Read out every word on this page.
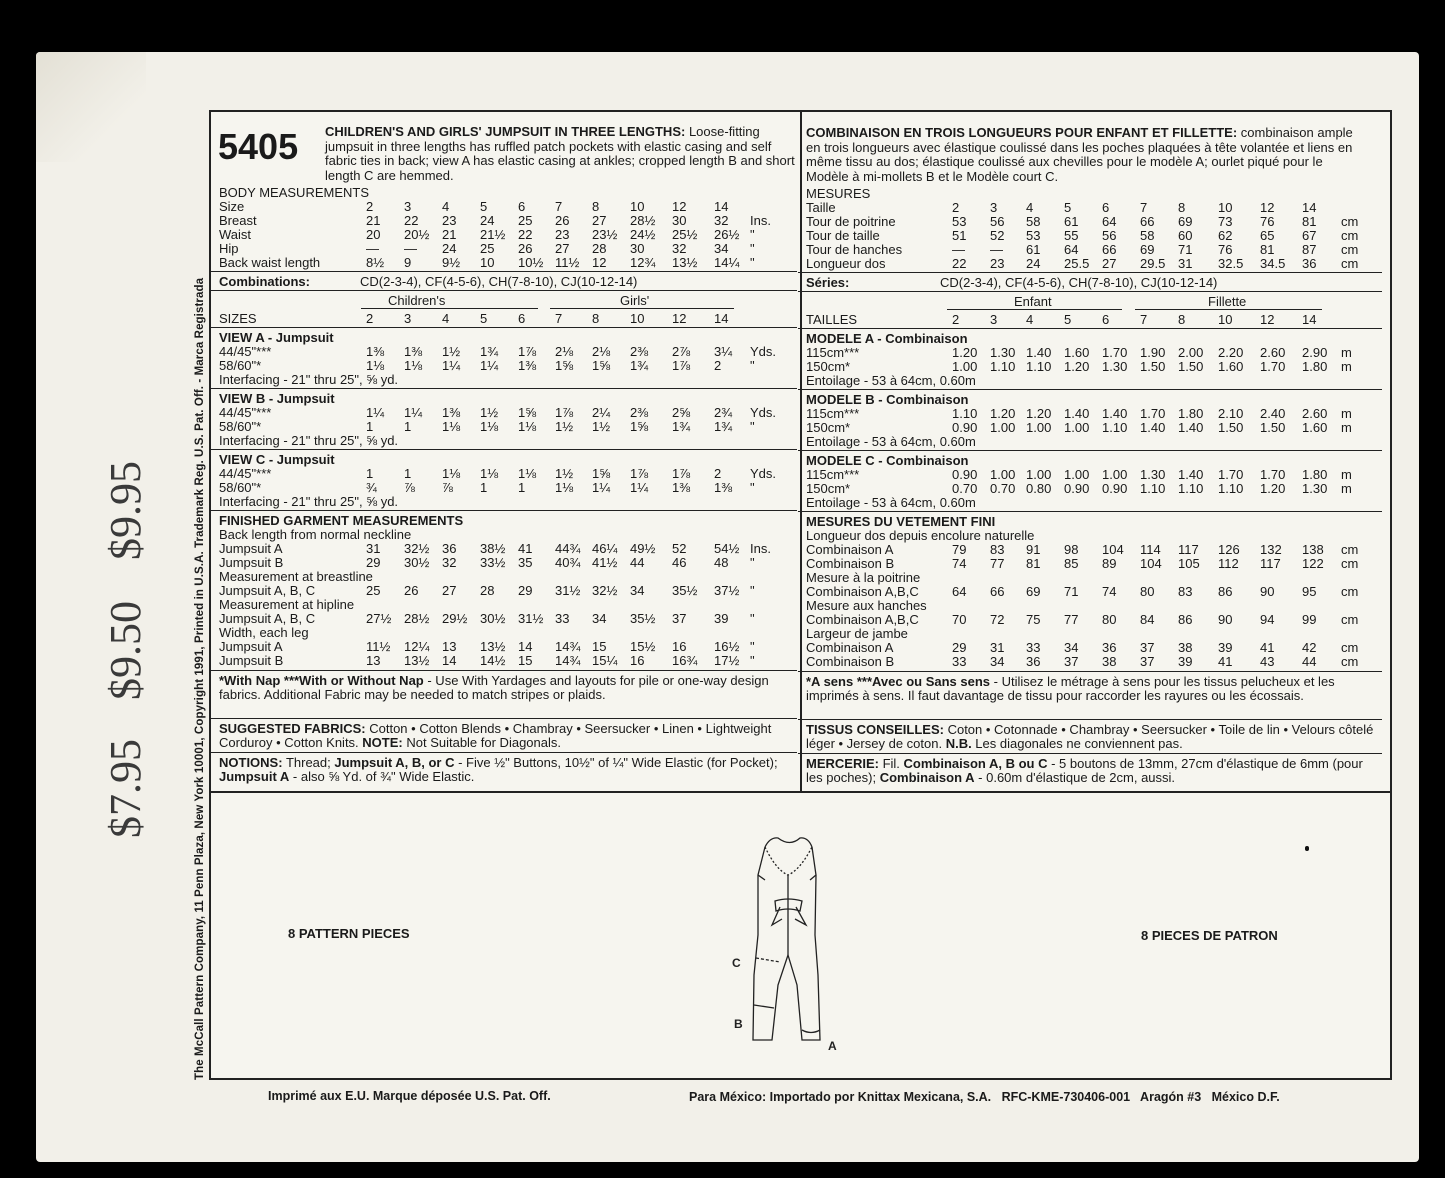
$7.95
$9.50
$9.95	The McCall Pattern Company, 11 Penn Plaza, New York 10001, Copyright 1991, Printed in U.S.A. Trademark Reg. U.S. Pat. Off. - Marca Registrada
5405 CHILDREN'S AND GIRLS' JUMPSUIT IN THREE LENGTHS: Loose-fitting jumpsuit in three lengths has ruffled patch pockets with elastic casing and self fabric ties in back; view A has elastic casing at ankles; cropped length B and short length C are hemmed.
BODY MEASUREMENTS
Size	2 3 4 5 6 7 8 10 12 14
Breast	21 22 23 24 25 26 27 28½ 30 32 Ins.
Waist	20 20½ 21 21½ 22 23 23½ 24½ 25½ 26½ "
Hip	— — 24 25 26 27 28 30 32 34 "
Back waist length	8½ 9 9½ 10 10½ 11½ 12 12¾ 13½ 14¼ "
Combinations:	CD(2-3-4), CF(4-5-6), CH(7-8-10), CJ(10-12-14)
Children's	Girls'
SIZES	2 3 4 5 6 7 8 10 12 14
VIEW A - Jumpsuit
44/45"***	1⅜ 1⅜ 1½ 1¾ 1⅞ 2⅛ 2⅛ 2⅜ 2⅞ 3¼ Yds.
58/60"*	1⅛ 1⅛ 1¼ 1¼ 1⅜ 1⅝ 1⅝ 1¾ 1⅞ 2 "
Interfacing - 21" thru 25", ⅝ yd.
VIEW B - Jumpsuit
44/45"***	1¼ 1¼ 1⅜ 1½ 1⅝ 1⅞ 2¼ 2⅜ 2⅝ 2¾ Yds.
58/60"*	1 1 1⅛ 1⅛ 1⅛ 1½ 1½ 1⅝ 1¾ 1¾ "
Interfacing - 21" thru 25", ⅝ yd.
VIEW C - Jumpsuit
44/45"***	1 1 1⅛ 1⅛ 1⅛ 1½ 1⅝ 1⅞ 1⅞ 2 Yds.
58/60"*	¾ ⅞ ⅞ 1 1 1⅛ 1¼ 1¼ 1⅜ 1⅜ "
Interfacing - 21" thru 25", ⅝ yd.
FINISHED GARMENT MEASUREMENTS
Back length from normal neckline
Jumpsuit A	31 32½ 36 38½ 41 44¾ 46¼ 49½ 52 54½ Ins.
Jumpsuit B	29 30½ 32 33½ 35 40¾ 41½ 44 46 48 "
Measurement at breastline
Jumpsuit A, B, C	25 26 27 28 29 31½ 32½ 34 35½ 37½ "
Measurement at hipline
Jumpsuit A, B, C	27½ 28½ 29½ 30½ 31½ 33 34 35½ 37 39 "
Width, each leg
Jumpsuit A	11½ 12¼ 13 13½ 14 14¾ 15 15½ 16 16½ "
Jumpsuit B	13 13½ 14 14½ 15 14¾ 15¼ 16 16¾ 17½ "
*With Nap ***With or Without Nap - Use With Yardages and layouts for pile or one-way design fabrics. Additional Fabric may be needed to match stripes or plaids.
SUGGESTED FABRICS: Cotton • Cotton Blends • Chambray • Seersucker • Linen • Lightweight Corduroy • Cotton Knits. NOTE: Not Suitable for Diagonals.
NOTIONS: Thread; Jumpsuit A, B, or C - Five ½" Buttons, 10½" of ¼" Wide Elastic (for Pocket); Jumpsuit A - also ⅝ Yd. of ¾" Wide Elastic.
COMBINAISON EN TROIS LONGUEURS POUR ENFANT ET FILLETTE: combinaison ample en trois longueurs avec élastique coulissé dans les poches plaquées à tête volantée et liens en même tissu au dos; élastique coulissé aux chevilles pour le modèle A; ourlet piqué pour le Modèle à mi-mollets B et le Modèle court C.
MESURES
Taille	2 3 4 5 6 7 8	10 12 14
Tour de poitrine	53 56 58 61 64 66 69 73 76 81 cm
Tour de taille	51 52 53 55 56 58 60 62 65 67 cm
Tour de hanches	— — 61 64 66 69 71 76 81 87 cm
Longueur dos	22 23 24 25.5 27 29.5 31 32.5 34.5 36 cm
Séries:	CD(2-3-4), CF(4-5-6), CH(7-8-10), CJ(10-12-14)
Enfant	Fillette
TAILLES	2 3 4 5 6 7 8	10 12 14
MODELE A - Combinaison
115cm***	1.20 1.30 1.40 1.60 1.70 1.90 2.00 2.20 2.60 2.90 m
150cm*	1.00 1.10 1.10 1.20 1.30 1.50 1.50 1.60 1.70 1.80 m
Entoilage - 53 à 64cm, 0.60m
MODELE B - Combinaison
115cm***	1.10 1.20 1.20 1.40 1.40 1.70 1.80 2.10 2.40 2.60 m
150cm*	0.90 1.00 1.00 1.00 1.10 1.40 1.40 1.50 1.50 1.60 m
Entoilage - 53 à 64cm, 0.60m
MODELE C - Combinaison
115cm***	0.90 1.00 1.00 1.00 1.00 1.30 1.40 1.70 1.70 1.80 m
150cm*	0.70 0.70 0.80 0.90 0.90 1.10 1.10 1.10 1.20 1.30 m
Entoilage - 53 à 64cm, 0.60m
MESURES DU VETEMENT FINI
Longueur dos depuis encolure naturelle
Combinaison A	79 83 91 98 104 114 117 126 132 138 cm
Combinaison B	74 77 81 85 89 104 105 112 117 122 cm
Mesure à la poitrine
Combinaison A,B,C	64 66 69 71 74 80 83 86 90 95 cm
Mesure aux hanches
Combinaison A,B,C	70 72 75 77 80 84 86 90 94 99 cm
Largeur de jambe
Combinaison A	29 31 33 34 36 37 38 39 41 42 cm
Combinaison B	33 34 36 37 38 37 39 41 43 44 cm
*A sens ***Avec ou Sans sens - Utilisez le métrage à sens pour les tissus pelucheux et les imprimés à sens. Il faut davantage de tissu pour raccorder les rayures ou les écossais.
TISSUS CONSEILLES: Coton • Cotonnade • Chambray • Seersucker • Toile de lin • Velours côtelé léger • Jersey de coton. N.B. Les diagonales ne conviennent pas.
MERCERIE: Fil. Combinaison A, B ou C - 5 boutons de 13mm, 27cm d'élastique de 6mm (pour les poches); Combinaison A - 0.60m d'élastique de 2cm, aussi.
8 PATTERN PIECES	8 PIECES DE PATRON
C
B
A
Imprimé aux E.U. Marque déposée U.S. Pat. Off.	Para México: Importado por Knittax Mexicana, S.A.   RFC-KME-730406-001   Aragón #3   México D.F.
